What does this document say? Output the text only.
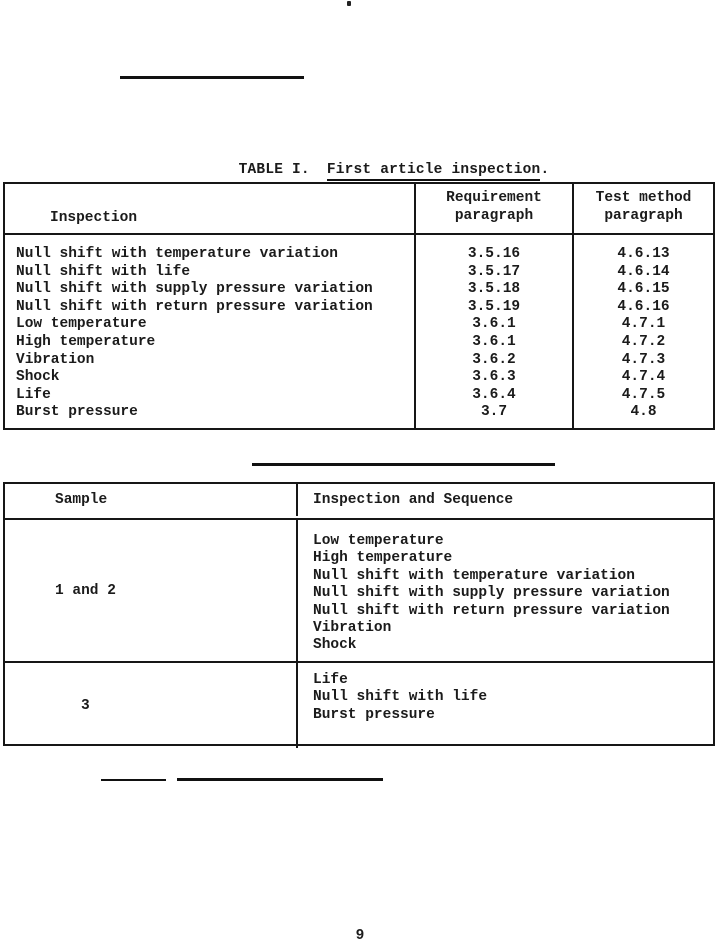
TABLE I. First article inspection.

Inspection
Requirement
paragraph
Test method
paragraph
Null shift with temperature variation
Null shift with life
Null shift with supply pressure variation
Null shift with return pressure variation
Low temperature
High temperature
Vibration
Shock
Life
Burst pressure
3.5.16
3.5.17
3.5.18
3.5.19
3.6.1
3.6.1
3.6.2
3.6.3
3.6.4
3.7
4.6.13
4.6.14
4.6.15
4.6.16
4.7.1
4.7.2
4.7.3
4.7.4
4.7.5
4.8
Sample	Inspection and Sequence
1 and 2
Low temperature
High temperature
Null shift with temperature variation
Null shift with supply pressure variation
Null shift with return pressure variation
Vibration
Shock
3
Life
Null shift with life
Burst pressure
9
